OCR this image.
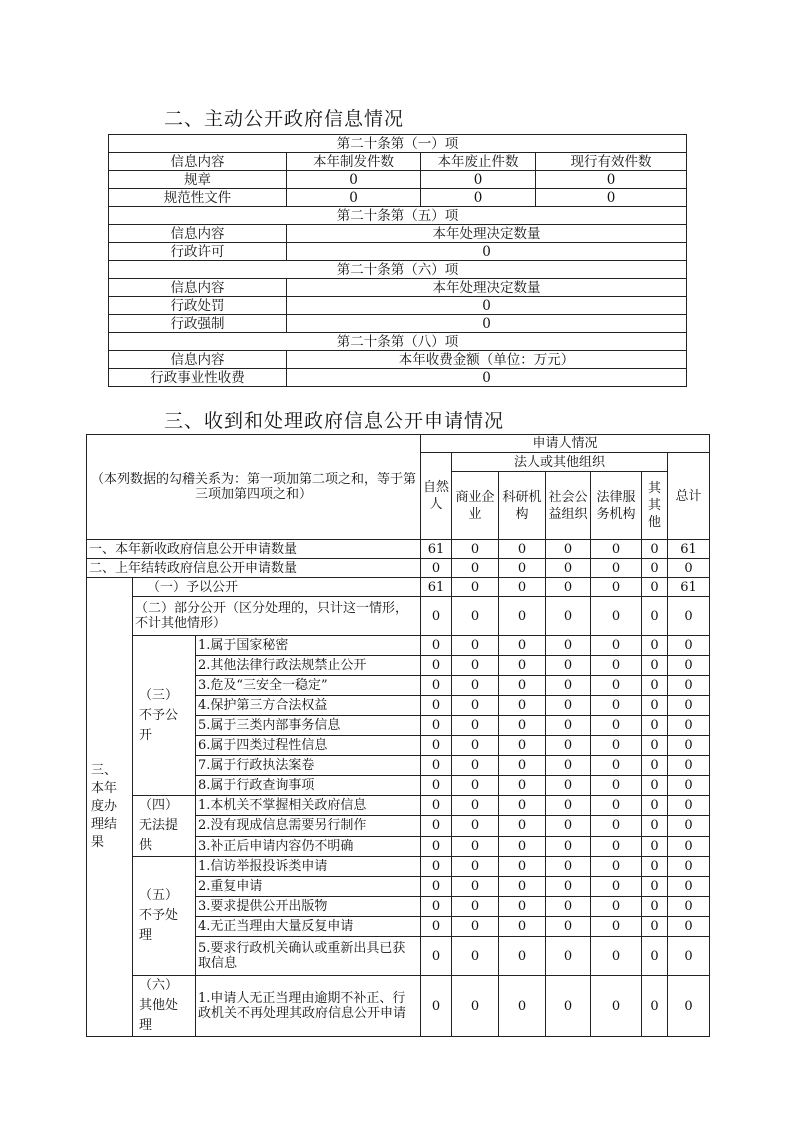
二、主动公开政府信息情况
第二十条第（一）项			
信息内容	本年制发件数	本年废止件数	现行有效件数
规章	0	0	0
规范性文件	0	0	0
第二十条第（五）项			
信息内容	本年处理决定数量		
行政许可	0		
第二十条第（六）项			
信息内容	本年处理决定数量		
行政处罚	0		
行政强制	0		
第二十条第（八）项			
信息内容	本年收费金额（单位：万元）		
行政事业性收费	0		
三、收到和处理政府信息公开申请情况
（本列数据的勾稽关系为：第一项加第二项之和，等于第三项加第四项之和）			申请人情况						
			自然人	法人或其他组织					总计
				商业企业	科研机构	社会公益组织	法律服务机构	其其他	
一、本年新收政府信息公开申请数量			61	0	0	0	0	0	61
二、上年结转政府信息公开申请数量			0	0	0	0	0	0	0
三、本年度办理结果	（一）予以公开		61	0	0	0	0	0	61
	（二）部分公开（区分处理的，只计这一情形，不计其他情形）		0	0	0	0	0	0	0
	（三）不予公开	1.属于国家秘密	0	0	0	0	0	0	0
		2.其他法律行政法规禁止公开	0	0	0	0	0	0	0
		3.危及“三安全一稳定”	0	0	0	0	0	0	0
		4.保护第三方合法权益	0	0	0	0	0	0	0
		5.属于三类内部事务信息	0	0	0	0	0	0	0
		6.属于四类过程性信息	0	0	0	0	0	0	0
		7.属于行政执法案卷	0	0	0	0	0	0	0
		8.属于行政查询事项	0	0	0	0	0	0	0
	（四）无法提供	1.本机关不掌握相关政府信息	0	0	0	0	0	0	0
		2.没有现成信息需要另行制作	0	0	0	0	0	0	0
		3.补正后申请内容仍不明确	0	0	0	0	0	0	0
	（五）不予处理	1.信访举报投诉类申请	0	0	0	0	0	0	0
		2.重复申请	0	0	0	0	0	0	0
		3.要求提供公开出版物	0	0	0	0	0	0	0
		4.无正当理由大量反复申请	0	0	0	0	0	0	0
		5.要求行政机关确认或重新出具已获取信息	0	0	0	0	0	0	0
	（六）其他处理	1.申请人无正当理由逾期不补正、行政机关不再处理其政府信息公开申请	0	0	0	0	0	0	0
